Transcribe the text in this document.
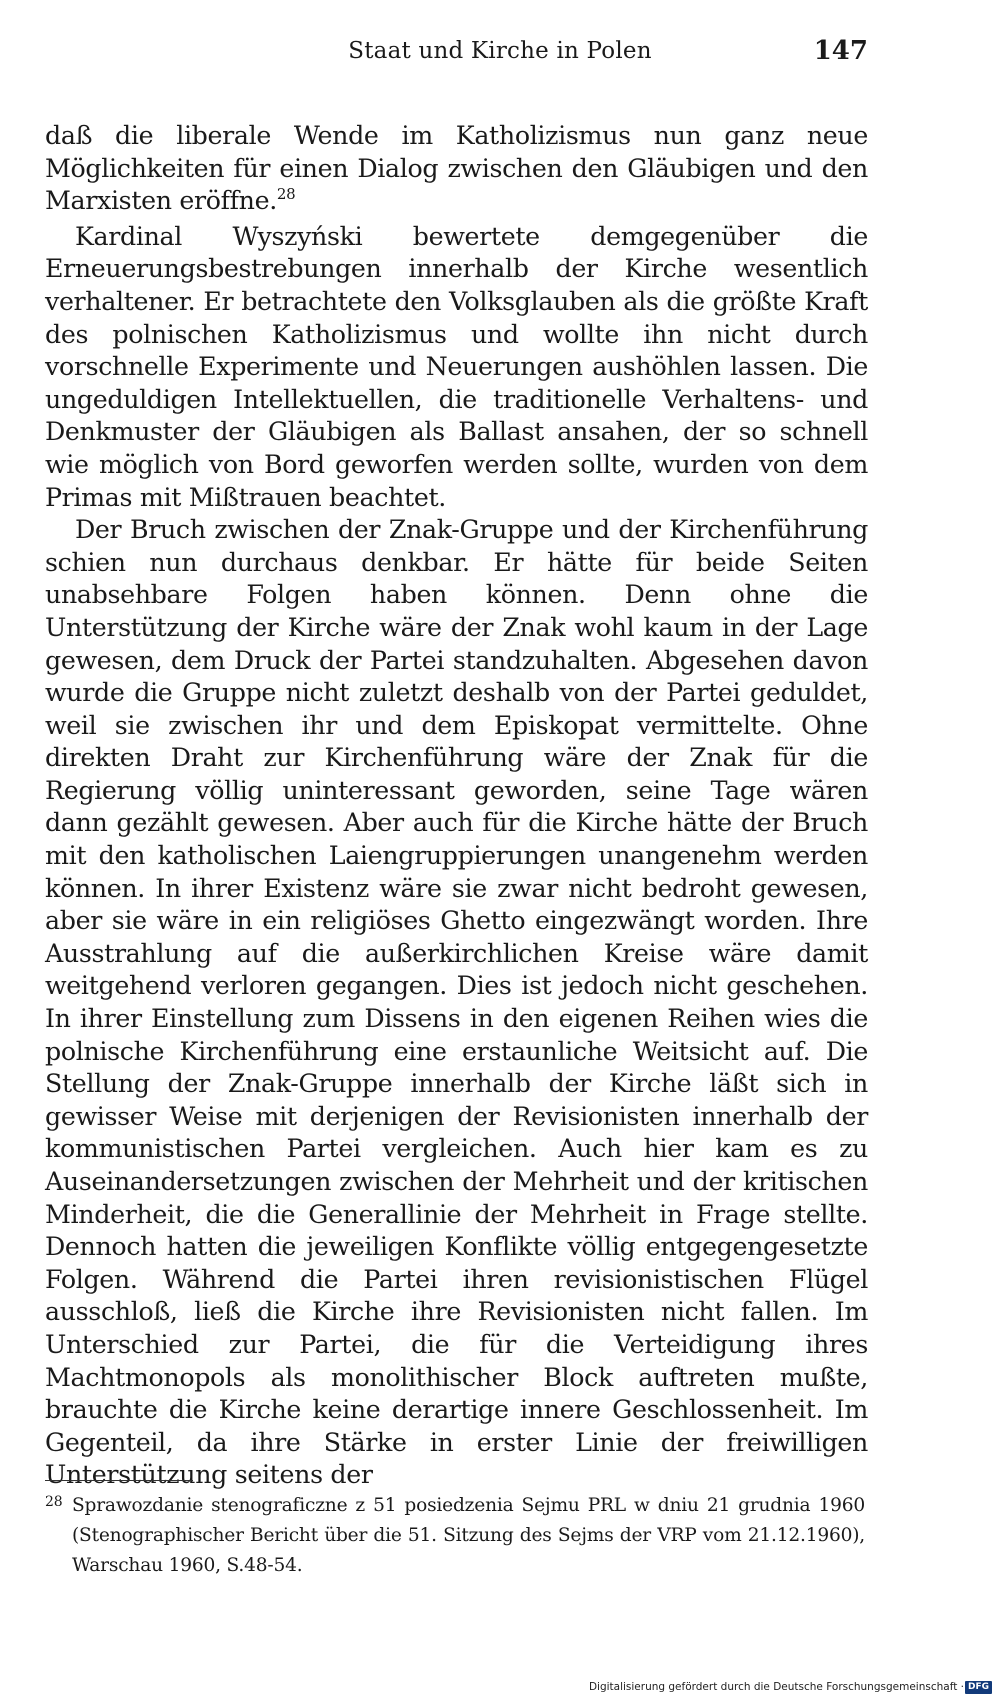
Staat und Kirche in Polen	147

daß die liberale Wende im Katholizismus nun ganz neue Möglichkeiten für einen Dialog zwischen den Gläubigen und den Marxisten eröffne.$^{28}$

Kardinal Wyszyński bewertete demgegenüber die Erneuerungsbestrebungen innerhalb der Kirche wesentlich verhaltener. Er betrachtete den Volksglauben als die größte Kraft des polnischen Katholizismus und wollte ihn nicht durch vorschnelle Experimente und Neuerungen aushöhlen lassen. Die ungeduldigen Intellektuellen, die traditionelle Verhaltens- und Denkmuster der Gläubigen als Ballast ansahen, der so schnell wie möglich von Bord geworfen werden sollte, wurden von dem Primas mit Mißtrauen beachtet.

Der Bruch zwischen der Znak-Gruppe und der Kirchenführung schien nun durchaus denkbar. Er hätte für beide Seiten unabsehbare Folgen haben können. Denn ohne die Unterstützung der Kirche wäre der Znak wohl kaum in der Lage gewesen, dem Druck der Partei standzuhalten. Abgesehen davon wurde die Gruppe nicht zuletzt deshalb von der Partei geduldet, weil sie zwischen ihr und dem Episkopat vermittelte. Ohne direkten Draht zur Kirchenführung wäre der Znak für die Regierung völlig uninteressant geworden, seine Tage wären dann gezählt gewesen. Aber auch für die Kirche hätte der Bruch mit den katholischen Laiengruppierungen unangenehm werden können. In ihrer Existenz wäre sie zwar nicht bedroht gewesen, aber sie wäre in ein religiöses Ghetto eingezwängt worden. Ihre Ausstrahlung auf die außerkirchlichen Kreise wäre damit weitgehend verloren gegangen. Dies ist jedoch nicht geschehen. In ihrer Einstellung zum Dissens in den eigenen Reihen wies die polnische Kirchenführung eine erstaunliche Weitsicht auf. Die Stellung der Znak-Gruppe innerhalb der Kirche läßt sich in gewisser Weise mit derjenigen der Revisionisten innerhalb der kommunistischen Partei vergleichen. Auch hier kam es zu Auseinandersetzungen zwischen der Mehrheit und der kritischen Minderheit, die die Generallinie der Mehrheit in Frage stellte. Dennoch hatten die jeweiligen Konflikte völlig entgegengesetzte Folgen. Während die Partei ihren revisionistischen Flügel ausschloß, ließ die Kirche ihre Revisionisten nicht fallen. Im Unterschied zur Partei, die für die Verteidigung ihres Machtmonopols als monolithischer Block auftreten mußte, brauchte die Kirche keine derartige innere Geschlossenheit. Im Gegenteil, da ihre Stärke in erster Linie der freiwilligen Unterstützung seitens der

28 Sprawozdanie stenograficzne z 51 posiedzenia Sejmu PRL w dniu 21 grudnia 1960 (Stenographischer Bericht über die 51. Sitzung des Sejms der VRP vom 21.12.1960), Warschau 1960, S.48-54.
Digitalisierung gefördert durch die Deutsche Forschungsgemeinschaft · DFG
